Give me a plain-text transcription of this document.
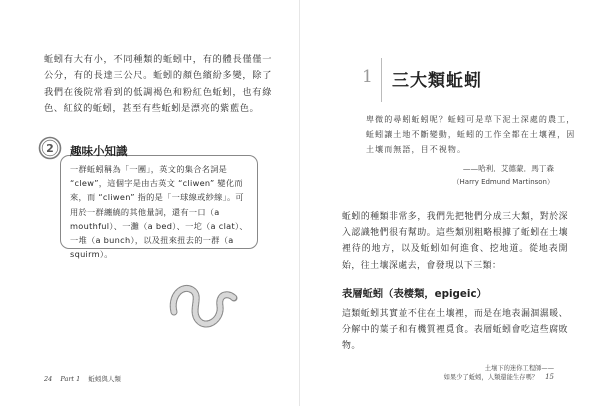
蚯蚓有大有小，不同種類的蚯蚓中，有的體長僅僅一公分，有的長達三公尺。蚯蚓的顏色繽紛多變，除了我們在後院常看到的低調褐色和粉紅色蚯蚓，也有綠色、紅紋的蚯蚓，甚至有些蚯蚓是漂亮的紫藍色。
2 趣味小知識
一群蚯蚓稱為「一團」，英文的集合名詞是 “clew”，這個字是由古英文 “cliwen” 變化而來，而 “cliwen” 指的是「一球線或紗線」。可用於一群纏繞的其他量詞，還有一口（a mouthful）、一灘（a bed）、一坨（a clat）、一堆（a bunch），以及扭來扭去的一群（a squirm）。
24 Part 1 蚯蚓與人類
1 三大類蚯蚓
卑微的尋蚓蚯蚓呢？蚯蚓可是草下泥土深處的農工，蚯蚓讓土地不斷變動，蚯蚓的工作全都在土壤裡，因土壤而無語，目不視物。
——哈利．艾德蒙．馬丁森
（Harry Edmund Martinson）
蚯蚓的種類非常多，我們先把牠們分成三大類，對於深入認識牠們很有幫助。這些類別粗略根據了蚯蚓在土壤裡待的地方，以及蚯蚓如何進食、挖地道。從地表開始，往土壤深處去，會發現以下三類：
表層蚯蚓（表棲類，epigeic）
這類蚯蚓其實並不住在土壤裡，而是在地表漏涸濕暖、分解中的葉子和有機質裡覓食。表層蚯蚓會吃這些腐敗物。
土壤下的迷你工程師——
如果少了蚯蚓，人類還能生存嗎？ 15
